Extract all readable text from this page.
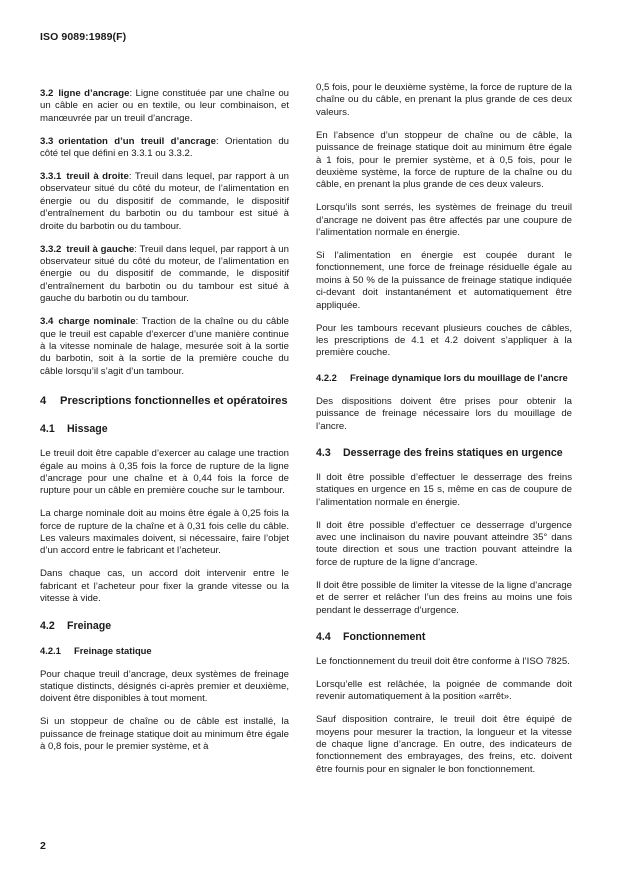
ISO 9089:1989(F)

3.2 ligne d’ancrage: Ligne constituée par une chaîne ou un câble en acier ou en textile, ou leur combinaison, et manœuvrée par un treuil d’ancrage.

3.3 orientation d’un treuil d’ancrage: Orientation du côté tel que défini en 3.3.1 ou 3.3.2.

3.3.1 treuil à droite: Treuil dans lequel, par rapport à un observateur situé du côté du moteur, de l’alimentation en énergie ou du dispositif de commande, le dispositif d’entraînement du barbotin ou du tambour est situé à droite du barbotin ou du tambour.

3.3.2 treuil à gauche: Treuil dans lequel, par rapport à un observateur situé du côté du moteur, de l’alimentation en énergie ou du dispositif de commande, le dispositif d’entraînement du barbotin ou du tambour est situé à gauche du barbotin ou du tambour.

3.4 charge nominale: Traction de la chaîne ou du câble que le treuil est capable d’exercer d’une manière continue à la vitesse nominale de halage, mesurée soit à la sortie du barbotin, soit à la sortie de la première couche du câble lorsqu’il s’agit d’un tambour.

4 Prescriptions fonctionnelles et opératoires
4.1 Hissage

Le treuil doit être capable d’exercer au calage une traction égale au moins à 0,35 fois la force de rupture de la ligne d’ancrage pour une chaîne et à 0,44 fois la force de rupture pour un câble en première couche sur le tambour.

La charge nominale doit au moins être égale à 0,25 fois la force de rupture de la chaîne et à 0,31 fois celle du câble. Les valeurs maximales doivent, si nécessaire, faire l’objet d’un accord entre le fabricant et l’acheteur.

Dans chaque cas, un accord doit intervenir entre le fabricant et l’acheteur pour fixer la grande vitesse ou la vitesse à vide.

4.2 Freinage
4.2.1 Freinage statique

Pour chaque treuil d’ancrage, deux systèmes de freinage statique distincts, désignés ci-après premier et deuxième, doivent être disponibles à tout moment.

Si un stoppeur de chaîne ou de câble est installé, la puissance de freinage statique doit au minimum être égale à 0,8 fois, pour le premier système, et à

0,5 fois, pour le deuxième système, la force de rupture de la chaîne ou du câble, en prenant la plus grande de ces deux valeurs.

En l’absence d’un stoppeur de chaîne ou de câble, la puissance de freinage statique doit au minimum être égale à 1 fois, pour le premier système, et à 0,5 fois, pour le deuxième système, la force de rupture de la chaîne ou du câble, en prenant la plus grande de ces deux valeurs.

Lorsqu’ils sont serrés, les systèmes de freinage du treuil d’ancrage ne doivent pas être affectés par une coupure de l’alimentation normale en énergie.

Si l’alimentation en énergie est coupée durant le fonctionnement, une force de freinage résiduelle égale au moins à 50 % de la puissance de freinage statique indiquée ci-devant doit instantanément et automatiquement être appliquée.

Pour les tambours recevant plusieurs couches de câbles, les prescriptions de 4.1 et 4.2 doivent s’appliquer à la première couche.

4.2.2 Freinage dynamique lors du mouillage de l’ancre

Des dispositions doivent être prises pour obtenir la puissance de freinage nécessaire lors du mouillage de l’ancre.

4.3 Desserrage des freins statiques en urgence

Il doit être possible d’effectuer le desserrage des freins statiques en urgence en 15 s, même en cas de coupure de l’alimentation normale en énergie.

Il doit être possible d’effectuer ce desserrage d’urgence avec une inclinaison du navire pouvant atteindre 35° dans toute direction et sous une traction pouvant atteindre la force de rupture de la ligne d’ancrage.

Il doit être possible de limiter la vitesse de la ligne d’ancrage et de serrer et relâcher l’un des freins au moins une fois pendant le desserrage d’urgence.

4.4 Fonctionnement

Le fonctionnement du treuil doit être conforme à l’ISO 7825.

Lorsqu’elle est relâchée, la poignée de commande doit revenir automatiquement à la position «arrêt».

Sauf disposition contraire, le treuil doit être équipé de moyens pour mesurer la traction, la longueur et la vitesse de chaque ligne d’ancrage. En outre, des indicateurs de fonctionnement des embrayages, des freins, etc. doivent être fournis pour en signaler le bon fonctionnement.

2
